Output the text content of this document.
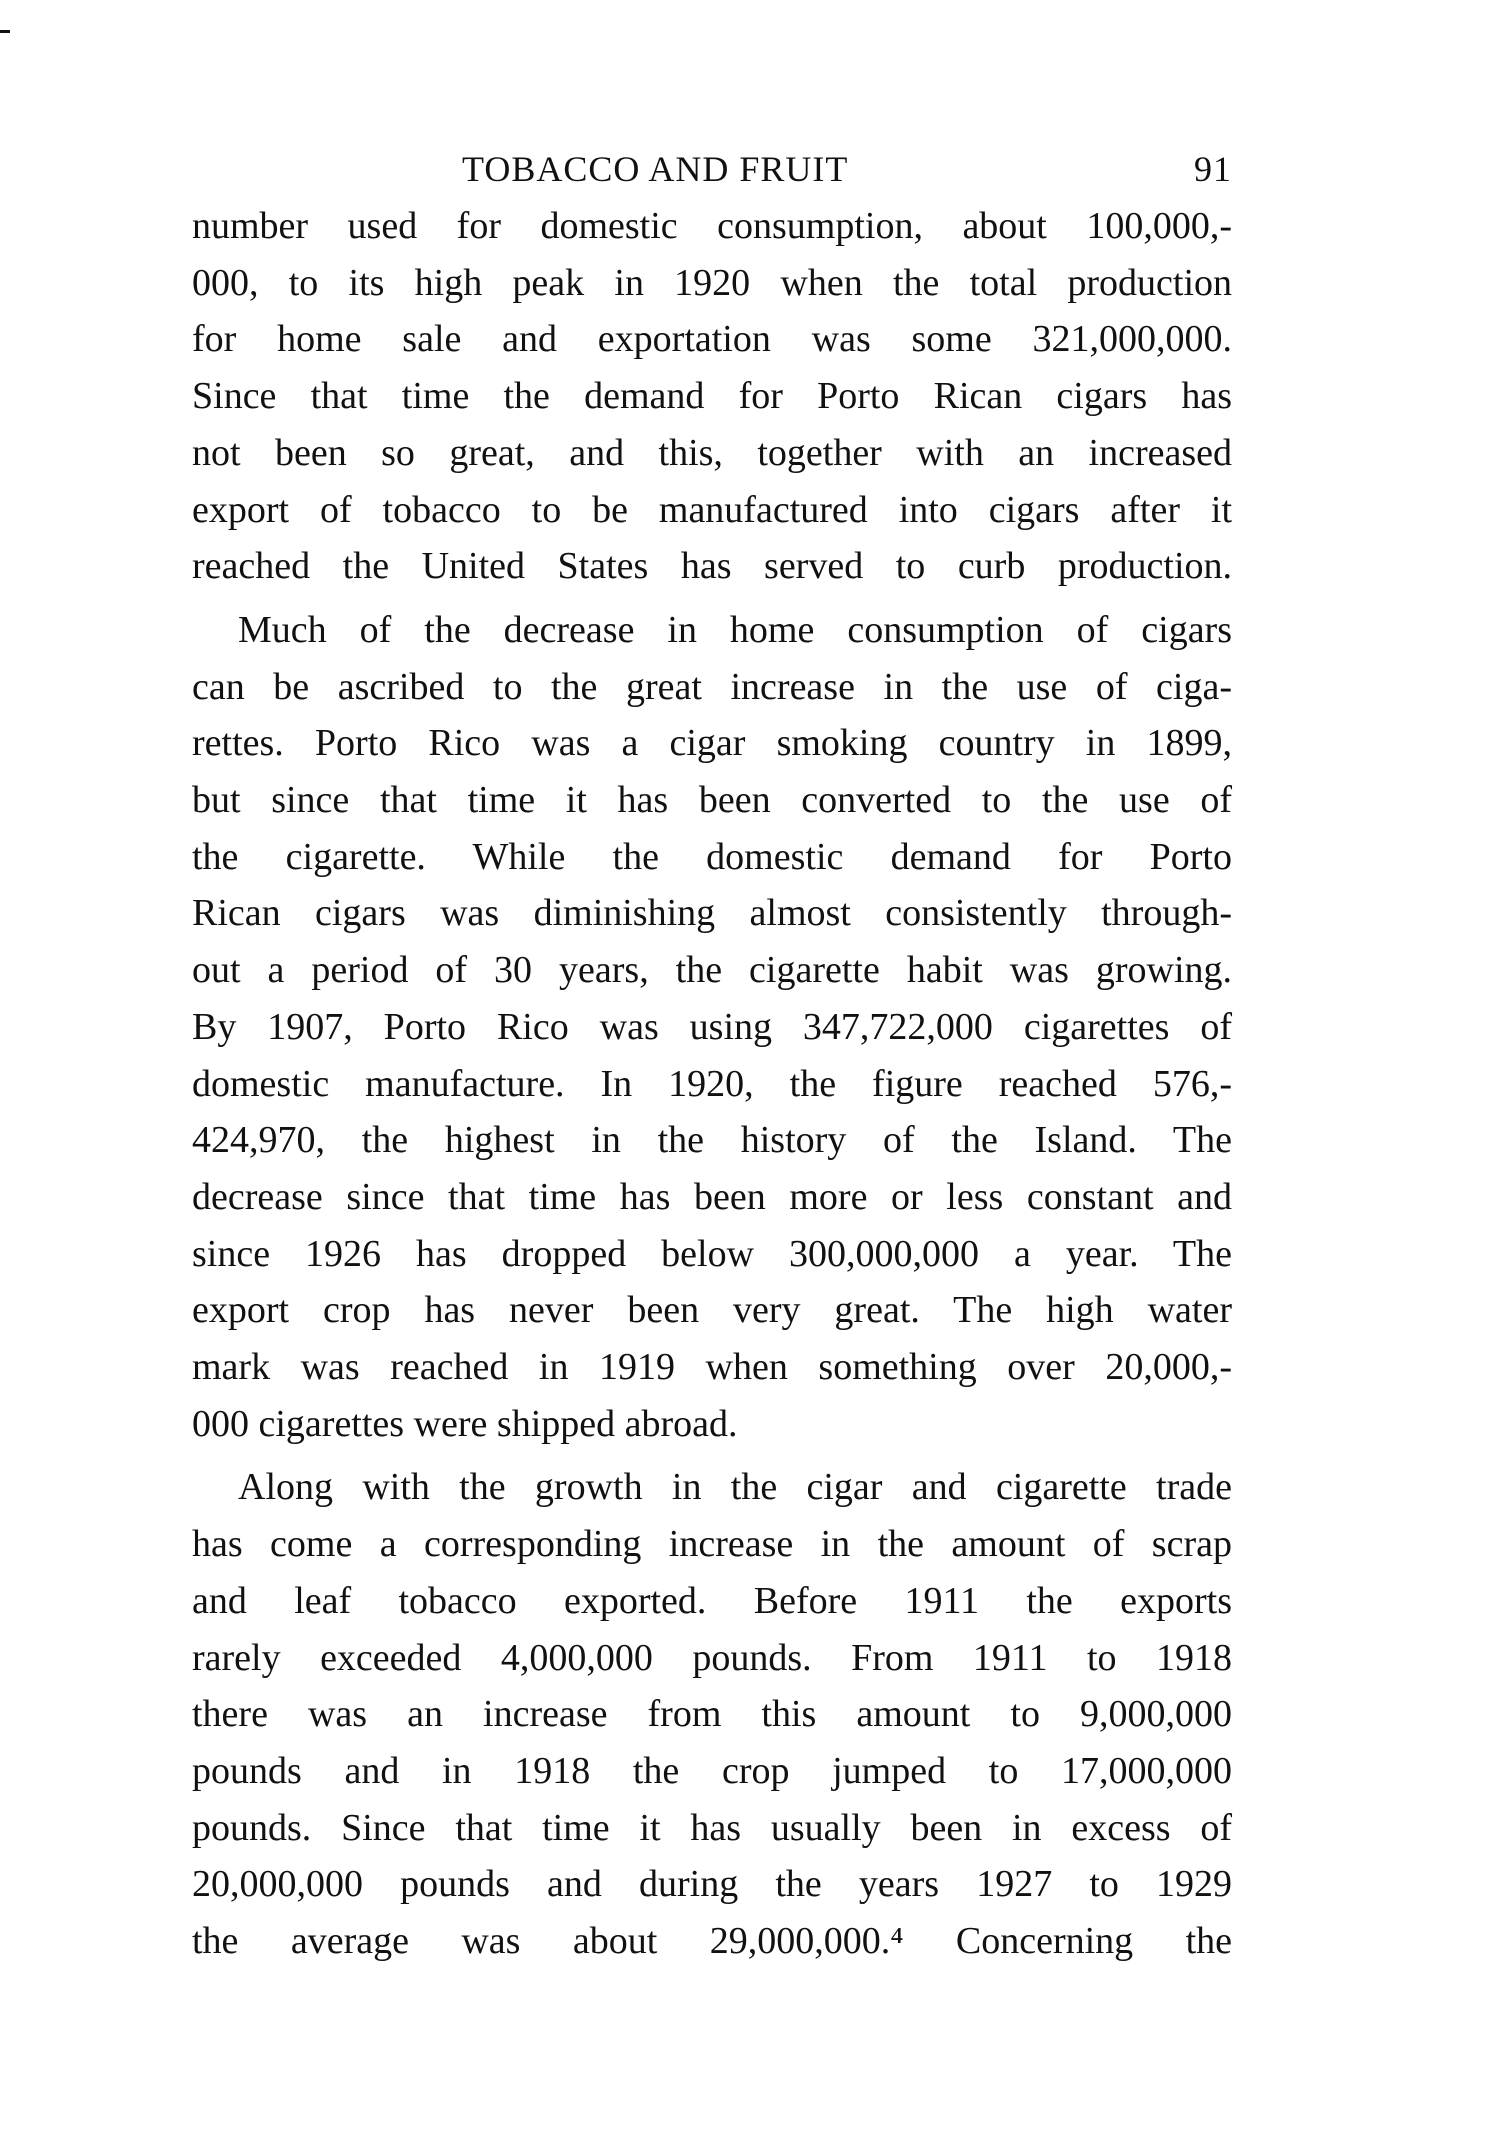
TOBACCO AND FRUIT	91
number used for domestic consumption, about 100,000,-
000, to its high peak in 1920 when the total production
for home sale and exportation was some 321,000,000.
Since that time the demand for Porto Rican cigars has
not been so great, and this, together with an increased
export of tobacco to be manufactured into cigars after it
reached the United States has served to curb production.
Much of the decrease in home consumption of cigars
can be ascribed to the great increase in the use of ciga-
rettes. Porto Rico was a cigar smoking country in 1899,
but since that time it has been converted to the use of
the cigarette. While the domestic demand for Porto
Rican cigars was diminishing almost consistently through-
out a period of 30 years, the cigarette habit was growing.
By 1907, Porto Rico was using 347,722,000 cigarettes of
domestic manufacture. In 1920, the figure reached 576,-
424,970, the highest in the history of the Island. The
decrease since that time has been more or less constant and
since 1926 has dropped below 300,000,000 a year. The
export crop has never been very great. The high water
mark was reached in 1919 when something over 20,000,-
000 cigarettes were shipped abroad.
Along with the growth in the cigar and cigarette trade
has come a corresponding increase in the amount of scrap
and leaf tobacco exported. Before 1911 the exports
rarely exceeded 4,000,000 pounds. From 1911 to 1918
there was an increase from this amount to 9,000,000
pounds and in 1918 the crop jumped to 17,000,000
pounds. Since that time it has usually been in excess of
20,000,000 pounds and during the years 1927 to 1929
the average was about 29,000,000.⁴ Concerning the
